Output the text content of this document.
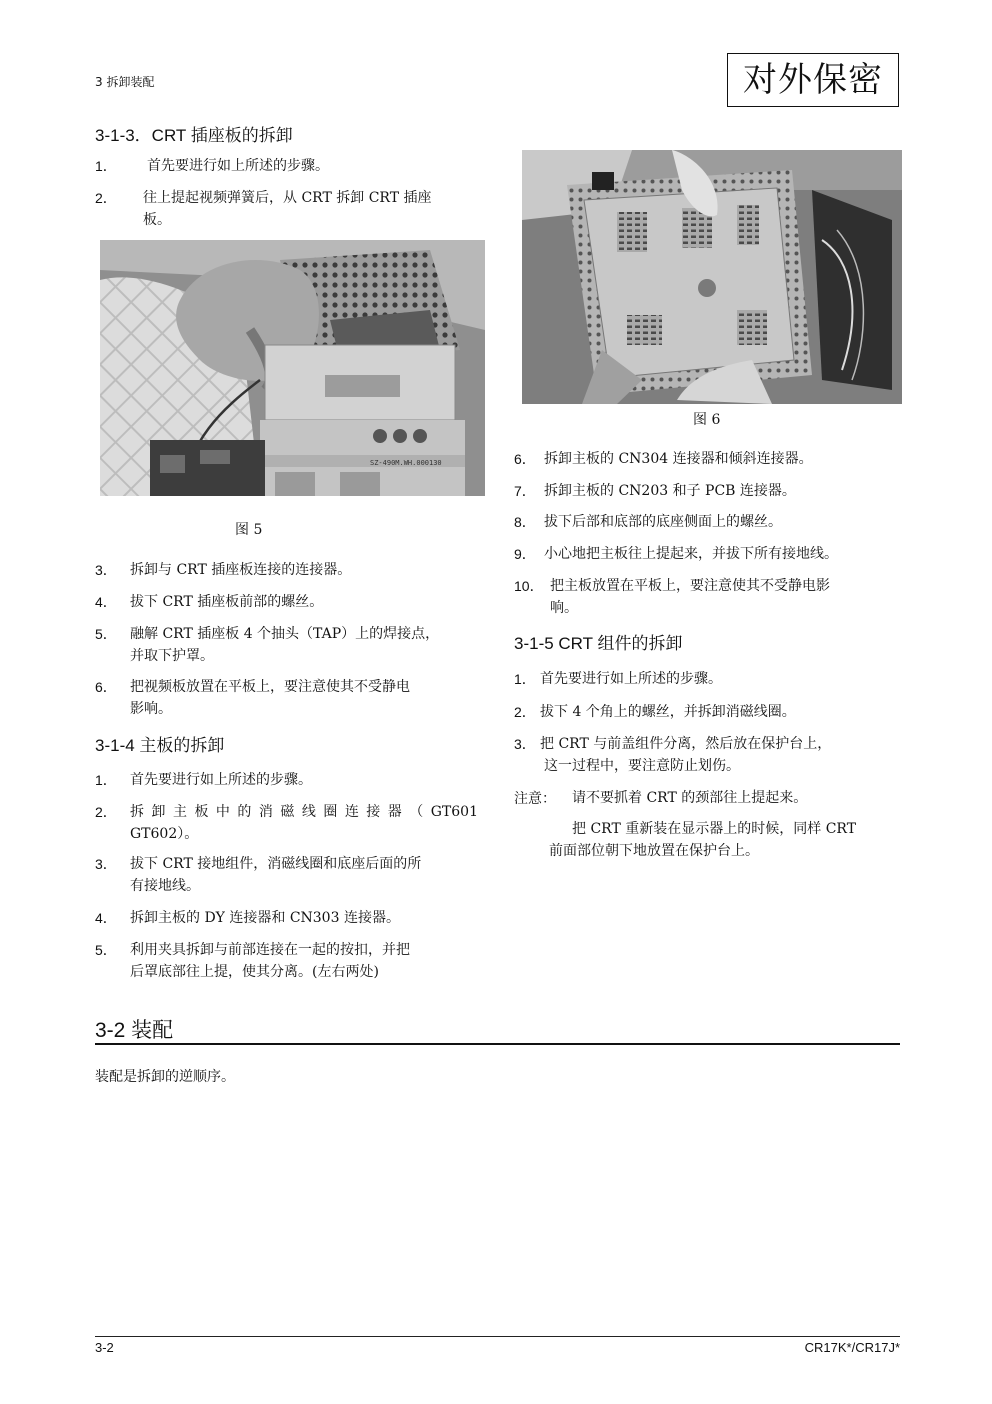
3 拆卸装配	对外保密
3-1-3．CRT 插座板的拆卸
1． 首先要进行如上所述的步骤。
2． 往上提起视频弹簧后，从 CRT 拆卸 CRT 插座
板。
SZ-490M.WH.000130
图 5
3． 拆卸与 CRT 插座板连接的连接器。
4． 拔下 CRT 插座板前部的螺丝。
5． 融解 CRT 插座板 4 个抽头（TAP）上的焊接点，
并取下护罩。
6． 把视频板放置在平板上，要注意使其不受静电
影响。
3-1-4 主板的拆卸
1． 首先要进行如上所述的步骤。
2． 拆卸主板中的消磁线圈连接器（GT601
GT602）。
3． 拔下 CRT 接地组件，消磁线圈和底座后面的所
有接地线。
4． 拆卸主板的 DY 连接器和 CN303 连接器。
5． 利用夹具拆卸与前部连接在一起的按扣，并把
后罩底部往上提，使其分离。(左右两处)
图 6
6． 拆卸主板的 CN304 连接器和倾斜连接器。
7． 拆卸主板的 CN203 和子 PCB 连接器。
8． 拔下后部和底部的底座侧面上的螺丝。
9． 小心地把主板往上提起来，并拔下所有接地线。
10． 把主板放置在平板上，要注意使其不受静电影
响。
3-1-5 CRT 组件的拆卸
1． 首先要进行如上所述的步骤。
2． 拔下 4 个角上的螺丝，并拆卸消磁线圈。
3． 把 CRT 与前盖组件分离，然后放在保护台上，
这一过程中，要注意防止划伤。
注意： 请不要抓着 CRT 的颈部往上提起来。
把 CRT 重新装在显示器上的时候，同样 CRT
前面部位朝下地放置在保护台上。
3-2 装配
装配是拆卸的逆顺序。
3-2	CR17K*/CR17J*
